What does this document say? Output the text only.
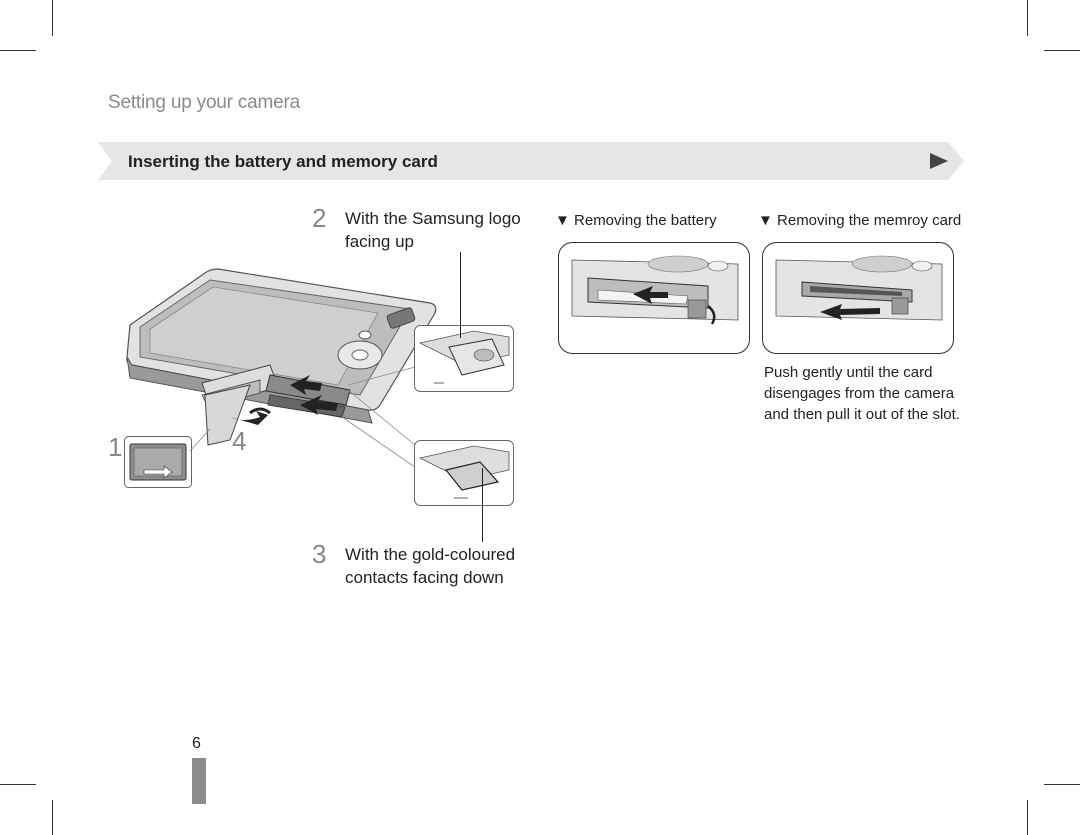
Setting up your camera
Inserting the battery and memory card
2 With the Samsung logo
facing up
3 With the gold-coloured
contacts facing down
1	4
▼ Removing the battery	▼ Removing the memroy card
Push gently until the card
disengages from the camera
and then pull it out of the slot.
6
